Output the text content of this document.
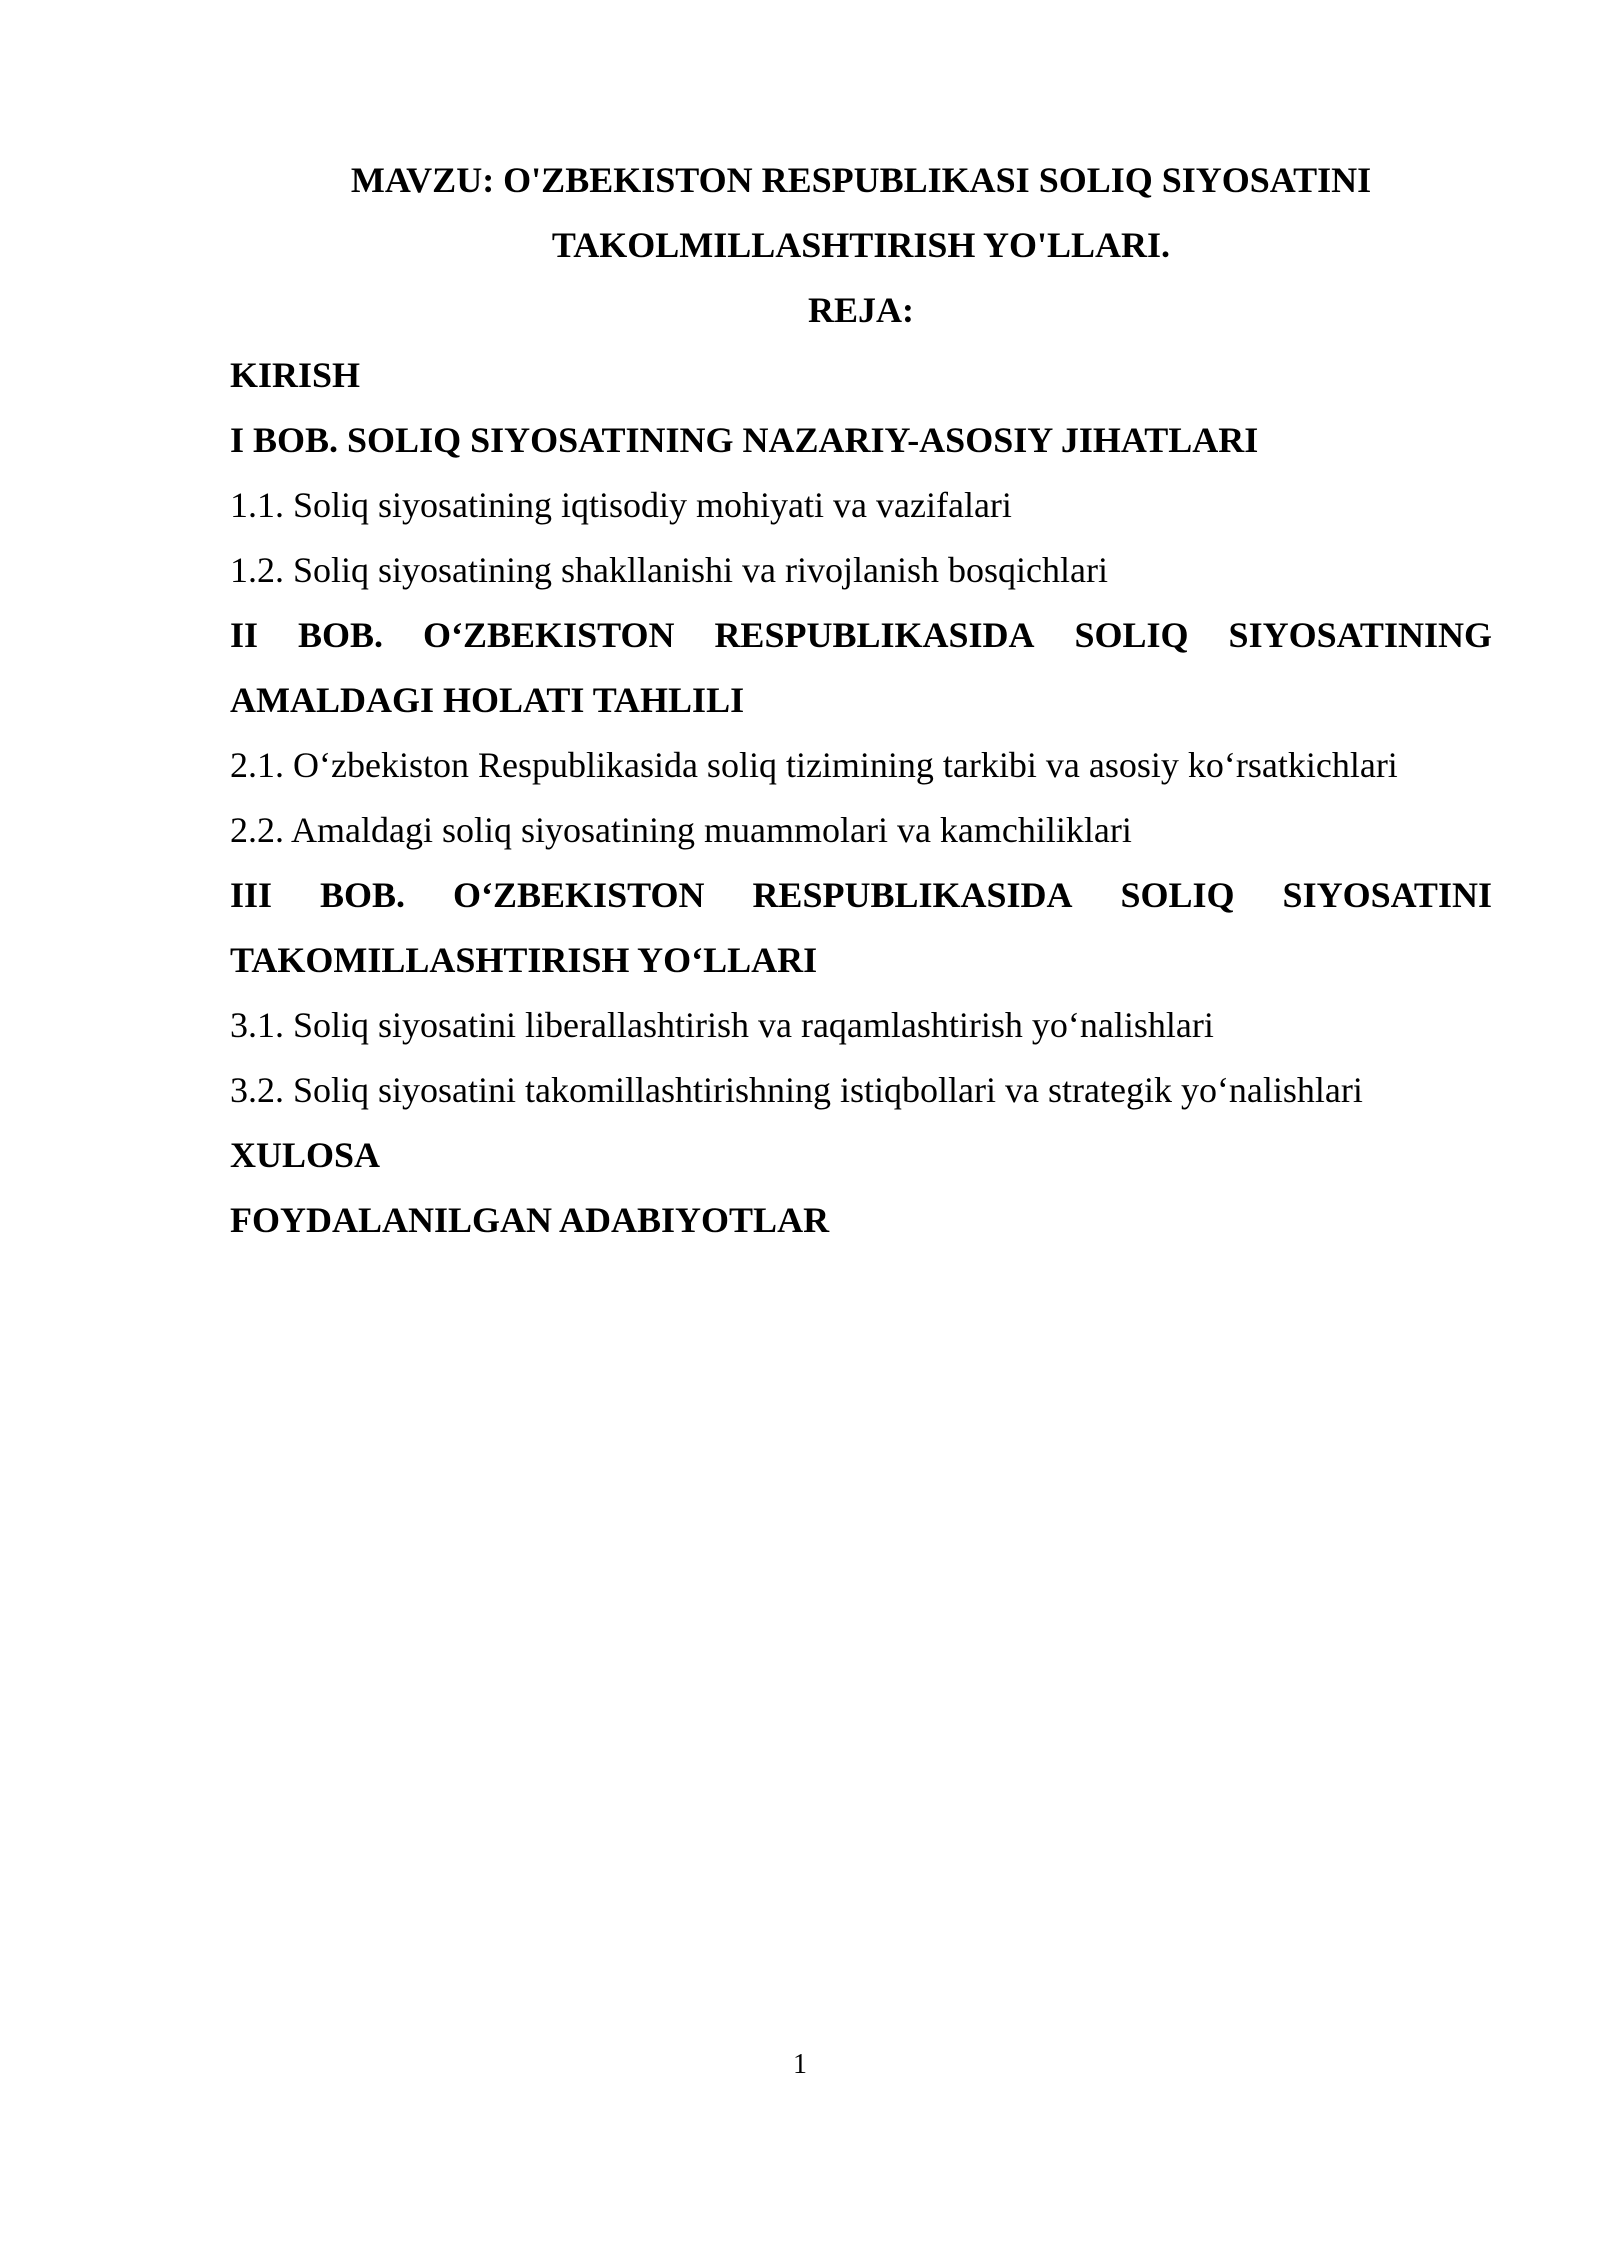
MAVZU: O'ZBEKISTON RESPUBLIKASI SOLIQ SIYOSATINI

TAKOLMILLASHTIRISH YO'LLARI.

REJA:

KIRISH

I BOB. SOLIQ SIYOSATINING NAZARIY-ASOSIY JIHATLARI

1.1. Soliq siyosatining iqtisodiy mohiyati va vazifalari

1.2. Soliq siyosatining shakllanishi va rivojlanish bosqichlari

II BOB. O‘ZBEKISTON RESPUBLIKASIDA SOLIQ SIYOSATINING

AMALDAGI HOLATI TAHLILI

2.1. O‘zbekiston Respublikasida soliq tizimining tarkibi va asosiy ko‘rsatkichlari

2.2. Amaldagi soliq siyosatining muammolari va kamchiliklari

III BOB. O‘ZBEKISTON RESPUBLIKASIDA SOLIQ SIYOSATINI

TAKOMILLASHTIRISH YO‘LLARI

3.1. Soliq siyosatini liberallashtirish va raqamlashtirish yo‘nalishlari

3.2. Soliq siyosatini takomillashtirishning istiqbollari va strategik yo‘nalishlari

XULOSA

FOYDALANILGAN ADABIYOTLAR

1
